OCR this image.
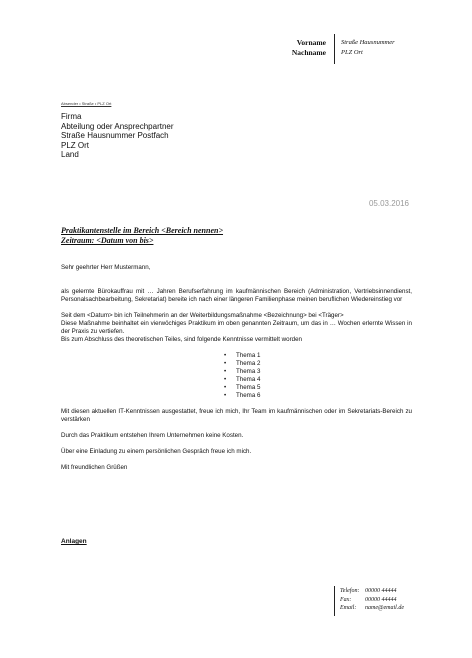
Vorname
Nachname
Straße Hausnummer
PLZ Ort
Absender • Straße • PLZ Ort
Firma
Abteilung oder Ansprechpartner
Straße Hausnummer Postfach
PLZ Ort
Land
05.03.2016
Praktikantenstelle im Bereich <Bereich nennen>
Zeitraum: <Datum von bis>

Sehr geehrter Herr Mustermann,

als gelernte Bürokauffrau mit … Jahren Berufserfahrung im kaufmännischen Bereich (Administration, Vertriebsinnendienst, Personalsachbearbeitung, Sekretariat) bereite ich nach einer längeren Familienphase meinen beruflichen Wiedereinstieg vor

Seit dem <Datum> bin ich Teilnehmerin an der Weiterbildungsmaßnahme <Bezeichnung> bei <Träger>

Diese Maßnahme beinhaltet ein vierwöchiges Praktikum im oben genannten Zeitraum, um das in … Wochen erlernte Wissen in der Praxis zu vertiefen.

Bis zum Abschluss des theoretischen Teiles, sind folgende Kenntnisse vermittelt worden

• Thema 1
• Thema 2
• Thema 3
• Thema 4
• Thema 5
• Thema 6

Mit diesen aktuellen IT-Kenntnissen ausgestattet, freue ich mich, Ihr Team im kaufmännischen oder im Sekretariats-Bereich zu verstärken

Durch das Praktikum entstehen Ihrem Unternehmen keine Kosten.

Über eine Einladung zu einem persönlichen Gespräch freue ich mich.

Mit freundlichen Grüßen

Anlagen
Telefon: 00000 44444
Fax:	00000 44444
Email:	name@email.de
